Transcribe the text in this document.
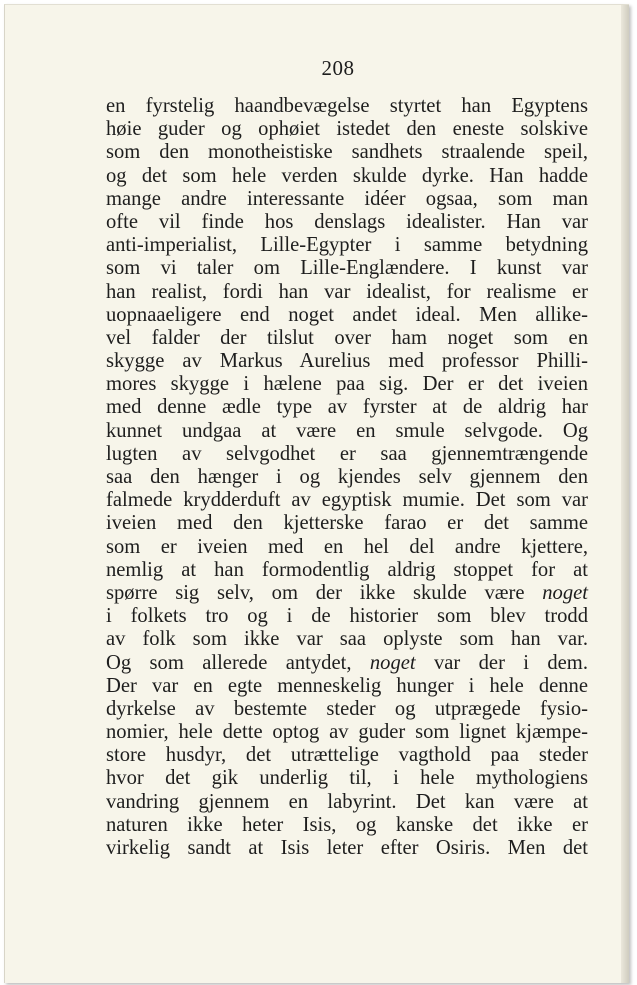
208
en fyrstelig haandbevægelse styrtet han Egyptens
høie guder og ophøiet istedet den eneste solskive
som den monotheistiske sandhets straalende speil,
og det som hele verden skulde dyrke. Han hadde
mange andre interessante idéer ogsaa, som man
ofte vil finde hos denslags idealister. Han var
anti-imperialist, Lille-Egypter i samme betydning
som vi taler om Lille-Englændere. I kunst var
han realist, fordi han var idealist, for realisme er
uopnaaeligere end noget andet ideal. Men allike-
vel falder der tilslut over ham noget som en
skygge av Markus Aurelius med professor Philli-
mores skygge i hælene paa sig. Der er det iveien
med denne ædle type av fyrster at de aldrig har
kunnet undgaa at være en smule selvgode. Og
lugten av selvgodhet er saa gjennemtrængende
saa den hænger i og kjendes selv gjennem den
falmede krydderduft av egyptisk mumie. Det som var
iveien med den kjetterske farao er det samme
som er iveien med en hel del andre kjettere,
nemlig at han formodentlig aldrig stoppet for at
spørre sig selv, om der ikke skulde være noget
i folkets tro og i de historier som blev trodd
av folk som ikke var saa oplyste som han var.
Og som allerede antydet, noget var der i dem.
Der var en egte menneskelig hunger i hele denne
dyrkelse av bestemte steder og utprægede fysio-
nomier, hele dette optog av guder som lignet kjæmpe-
store husdyr, det utrættelige vagthold paa steder
hvor det gik underlig til, i hele mythologiens
vandring gjennem en labyrint. Det kan være at
naturen ikke heter Isis, og kanske det ikke er
virkelig sandt at Isis leter efter Osiris. Men det
